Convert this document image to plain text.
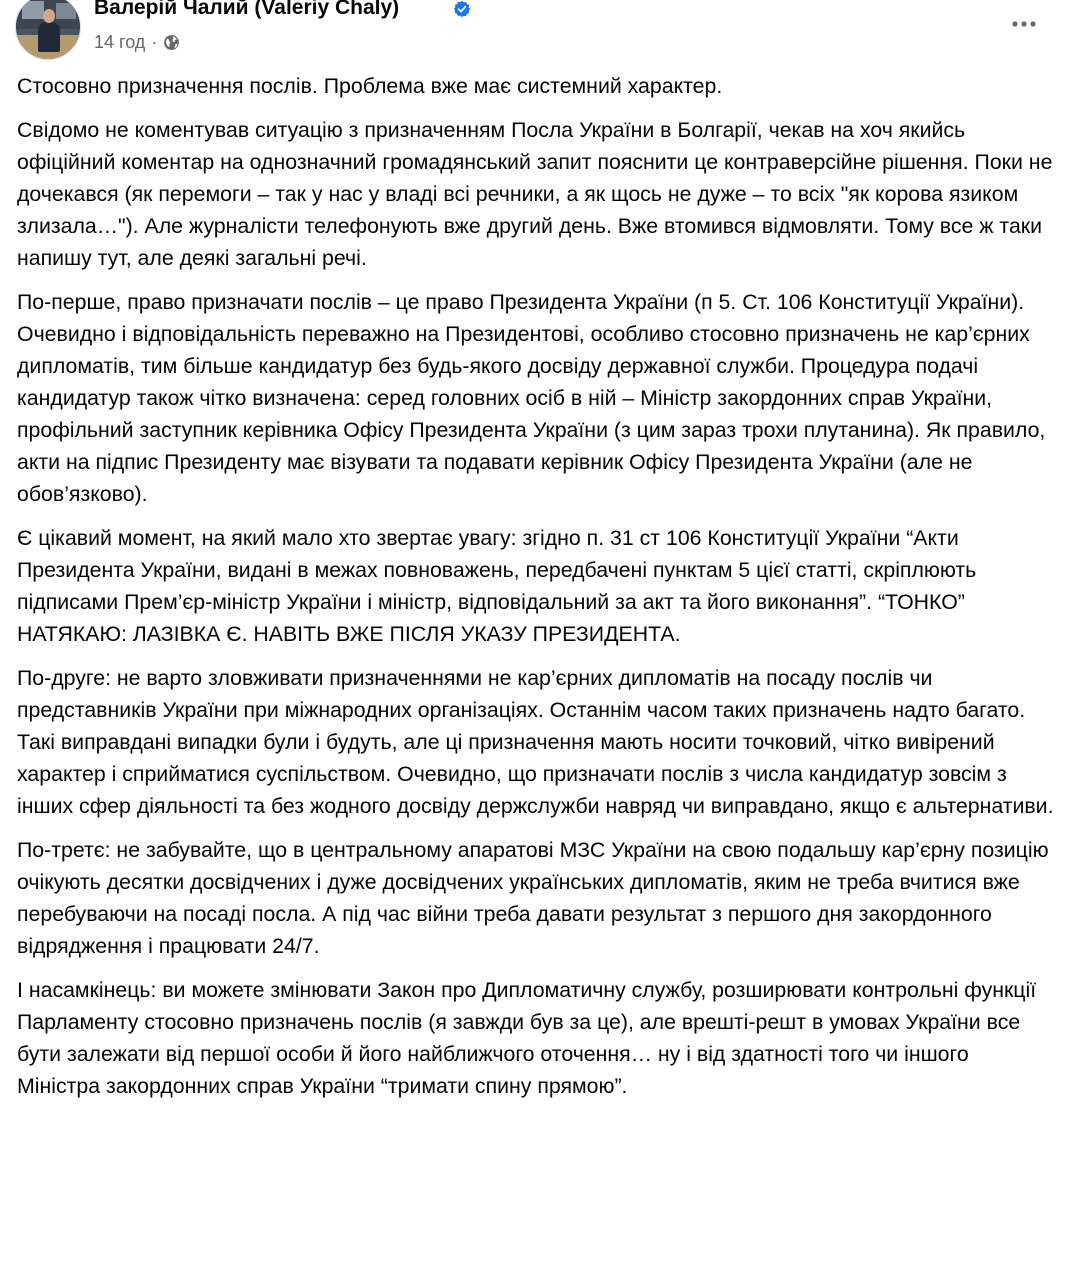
Валерій Чалий (Valeriy Chaly)
14 год ·

Стосовно призначення послів. Проблема вже має системний характер.

Свідомо не коментував ситуацію з призначенням Посла України в Болгарії, чекав на хоч якийсь офіційний коментар на однозначний громадянський запит пояснити це контраверсійне рішення. Поки не дочекався (як перемоги – так у нас у владі всі речники, а як щось не дуже – то всіх "як корова язиком злизала…"). Але журналісти телефонують вже другий день. Вже втомився відмовляти. Тому все ж таки напишу тут, але деякі загальні речі.

По-перше, право призначати послів – це право Президента України (п 5. Ст. 106 Конституції України). Очевидно і відповідальність переважно на Президентові, особливо стосовно призначень не кар’єрних дипломатів, тим більше кандидатур без будь-якого досвіду державної служби. Процедура подачі кандидатур також чітко визначена: серед головних осіб в ній – Міністр закордонних справ України, профільний заступник керівника Офісу Президента України (з цим зараз трохи плутанина). Як правило, акти на підпис Президенту має візувати та подавати керівник Офісу Президента України (але не обов’язково).

Є цікавий момент, на який мало хто звертає увагу: згідно п. 31 ст 106 Конституції України “Акти Президента України, видані в межах повноважень, передбачені пунктам 5 цієї статті, скріплюють підписами Прем’єр-міністр України і міністр, відповідальний за акт та його виконання”. “ТОНКО” НАТЯКАЮ: ЛАЗІВКА Є. НАВІТЬ ВЖЕ ПІСЛЯ УКАЗУ ПРЕЗИДЕНТА.

По-друге: не варто зловживати призначеннями не кар’єрних дипломатів на посаду послів чи представників України при міжнародних організаціях. Останнім часом таких призначень надто багато. Такі виправдані випадки були і будуть, але ці призначення мають носити точковий, чітко вивірений характер і сприйматися суспільством. Очевидно, що призначати послів з числа кандидатур зовсім з інших сфер діяльності та без жодного досвіду держслужби навряд чи виправдано, якщо є альтернативи.

По-третє: не забувайте, що в центральному апаратові МЗС України на свою подальшу кар’єрну позицію очікують десятки досвідчених і дуже досвідчених українських дипломатів, яким не треба вчитися вже перебуваючи на посаді посла. А під час війни треба давати результат з першого дня закордонного відрядження і працювати 24/7.

І насамкінець: ви можете змінювати Закон про Дипломатичну службу, розширювати контрольні функції Парламенту стосовно призначень послів (я завжди був за це), але врешті-решт в умовах України все бути залежати від першої особи й його найближчого оточення… ну і від здатності того чи іншого Міністра закордонних справ України “тримати спину прямою”.
